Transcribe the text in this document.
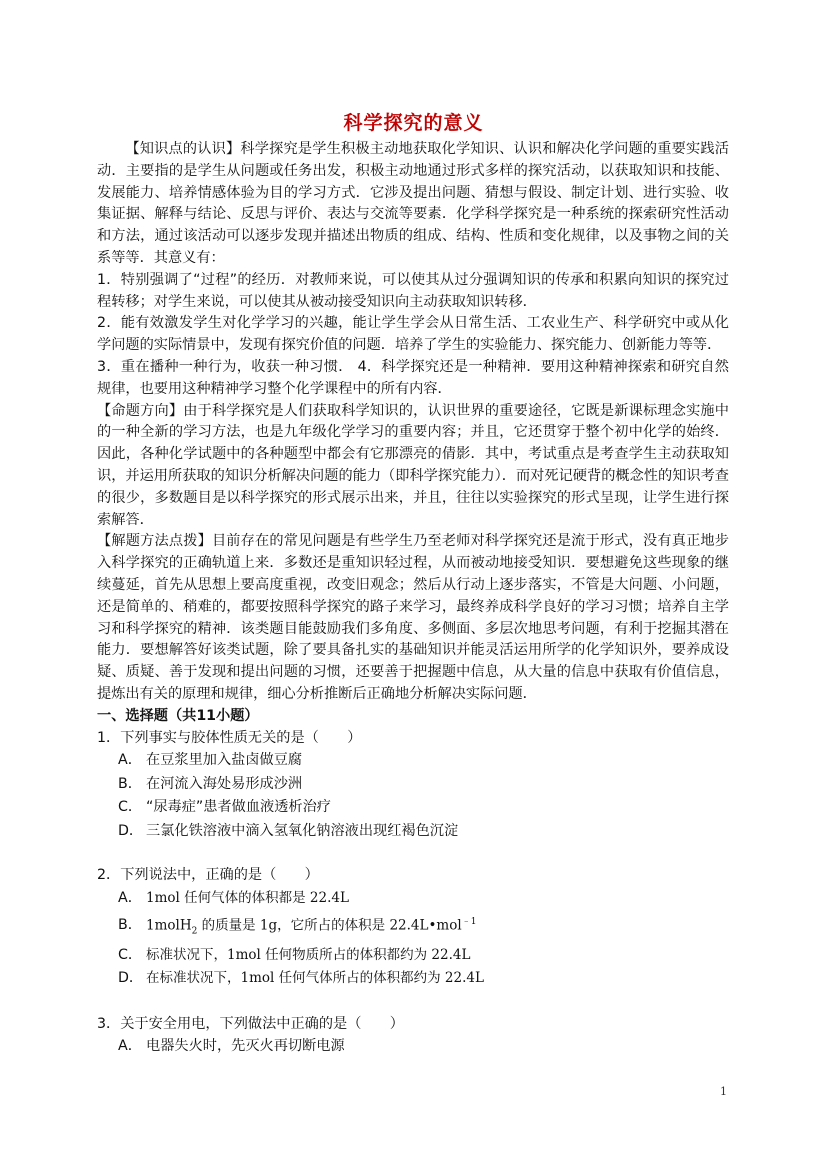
科学探究的意义

【知识点的认识】科学探究是学生积极主动地获取化学知识、认识和解决化学问题的重要实践活动．主要指的是学生从问题或任务出发，积极主动地通过形式多样的探究活动，以获取知识和技能、发展能力、培养情感体验为目的学习方式．它涉及提出问题、猜想与假设、制定计划、进行实验、收集证据、解释与结论、反思与评价、表达与交流等要素．化学科学探究是一种系统的探索研究性活动和方法，通过该活动可以逐步发现并描述出物质的组成、结构、性质和变化规律，以及事物之间的关系等等．其意义有：

1．特别强调了“过程”的经历．对教师来说，可以使其从过分强调知识的传承和积累向知识的探究过程转移；对学生来说，可以使其从被动接受知识向主动获取知识转移．

2．能有效激发学生对化学学习的兴趣，能让学生学会从日常生活、工农业生产、科学研究中或从化学问题的实际情景中，发现有探究价值的问题．培养了学生的实验能力、探究能力、创新能力等等．

3．重在播种一种行为，收获一种习惯． 4．科学探究还是一种精神．要用这种精神探索和研究自然规律，也要用这种精神学习整个化学课程中的所有内容．

【命题方向】由于科学探究是人们获取科学知识的，认识世界的重要途径，它既是新课标理念实施中的一种全新的学习方法，也是九年级化学学习的重要内容；并且，它还贯穿于整个初中化学的始终．因此，各种化学试题中的各种题型中都会有它那漂亮的倩影．其中，考试重点是考查学生主动获取知识，并运用所获取的知识分析解决问题的能力（即科学探究能力）．而对死记硬背的概念性的知识考查的很少，多数题目是以科学探究的形式展示出来，并且，往往以实验探究的形式呈现，让学生进行探索解答．

【解题方法点拨】目前存在的常见问题是有些学生乃至老师对科学探究还是流于形式，没有真正地步入科学探究的正确轨道上来．多数还是重知识轻过程，从而被动地接受知识．要想避免这些现象的继续蔓延，首先从思想上要高度重视，改变旧观念；然后从行动上逐步落实，不管是大问题、小问题，还是简单的、稍难的，都要按照科学探究的路子来学习，最终养成科学良好的学习习惯；培养自主学习和科学探究的精神．该类题目能鼓励我们多角度、多侧面、多层次地思考问题，有利于挖掘其潜在能力．要想解答好该类试题，除了要具备扎实的基础知识并能灵活运用所学的化学知识外，要养成设疑、质疑、善于发现和提出问题的习惯，还要善于把握题中信息，从大量的信息中获取有价值信息，提炼出有关的原理和规律，细心分析推断后正确地分析解决实际问题．

一、选择题（共11小题）

1．下列事实与胶体性质无关的是（　　）

A． 在豆浆里加入盐卤做豆腐
B． 在河流入海处易形成沙洲
C． “尿毒症”患者做血液透析治疗
D． 三氯化铁溶液中滴入氢氧化钠溶液出现红褐色沉淀

2．下列说法中，正确的是（　　）

A． 1mol 任何气体的体积都是 22.4L
B． 1molH$_2$ 的质量是 1g，它所占的体积是 22.4L•mol$^{﹣1}$
C． 标准状况下，1mol 任何物质所占的体积都约为 22.4L
D． 在标准状况下，1mol 任何气体所占的体积都约为 22.4L

3．关于安全用电，下列做法中正确的是（　　）

A． 电器失火时，先灭火再切断电源
1
